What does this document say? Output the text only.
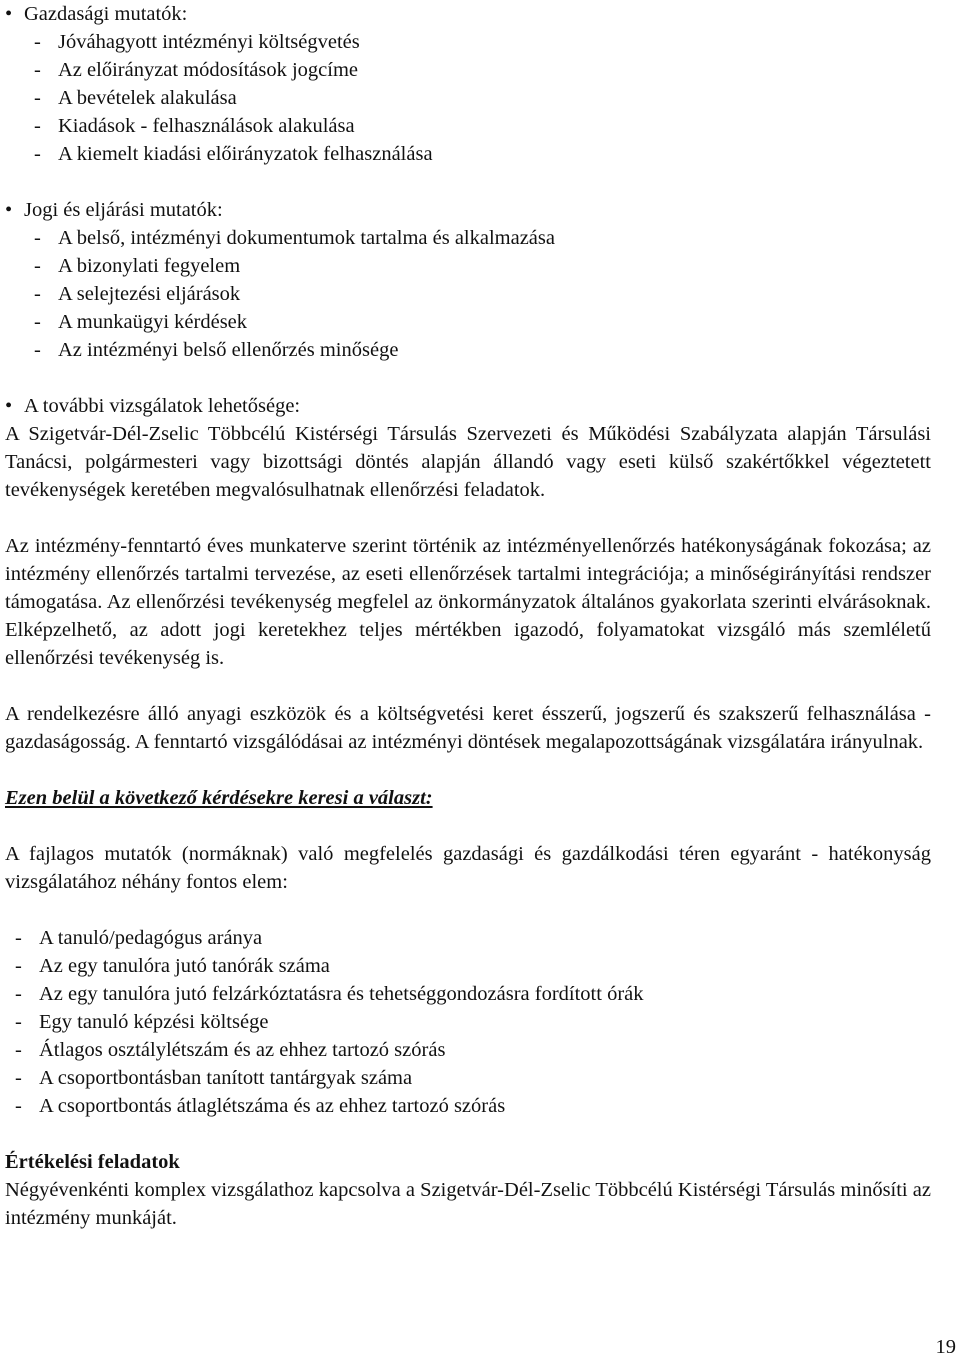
• Gazdasági mutatók:
- Jóváhagyott intézményi költségvetés
- Az előirányzat módosítások jogcíme
- A bevételek alakulása
- Kiadások - felhasználások alakulása
- A kiemelt kiadási előirányzatok felhasználása
• Jogi és eljárási mutatók:
- A belső, intézményi dokumentumok tartalma és alkalmazása
- A bizonylati fegyelem
- A selejtezési eljárások
- A munkaügyi kérdések
- Az intézményi belső ellenőrzés minősége
• A további vizsgálatok lehetősége:
A Szigetvár-Dél-Zselic Többcélú Kistérségi Társulás Szervezeti és Működési Szabályzata alapján Társulási Tanácsi, polgármesteri vagy bizottsági döntés alapján állandó vagy eseti külső szakértőkkel végeztetett tevékenységek keretében megvalósulhatnak ellenőrzési feladatok.
Az intézmény-fenntartó éves munkaterve szerint történik az intézményellenőrzés hatékonyságának fokozása; az intézmény ellenőrzés tartalmi tervezése, az eseti ellenőrzések tartalmi integrációja; a minőségirányítási rendszer támogatása. Az ellenőrzési tevékenység megfelel az önkormányzatok általános gyakorlata szerinti elvárásoknak. Elképzelhető, az adott jogi keretekhez teljes mértékben igazodó, folyamatokat vizsgáló más szemléletű ellenőrzési tevékenység is.
A rendelkezésre álló anyagi eszközök és a költségvetési keret ésszerű, jogszerű és szakszerű felhasználása - gazdaságosság. A fenntartó vizsgálódásai az intézményi döntések megalapozottságának vizsgálatára irányulnak.
Ezen belül a következő kérdésekre keresi a választ:
A fajlagos mutatók (normáknak) való megfelelés gazdasági és gazdálkodási téren egyaránt - hatékonyság vizsgálatához néhány fontos elem:
- A tanuló/pedagógus aránya
- Az egy tanulóra jutó tanórák száma
- Az egy tanulóra jutó felzárkóztatásra és tehetséggondozásra fordított órák
- Egy tanuló képzési költsége
- Átlagos osztálylétszám és az ehhez tartozó szórás
- A csoportbontásban tanított tantárgyak száma
- A csoportbontás átlaglétszáma és az ehhez tartozó szórás
Értékelési feladatok
Négyévenkénti komplex vizsgálathoz kapcsolva a Szigetvár-Dél-Zselic Többcélú Kistérségi Társulás minősíti az intézmény munkáját.
19
